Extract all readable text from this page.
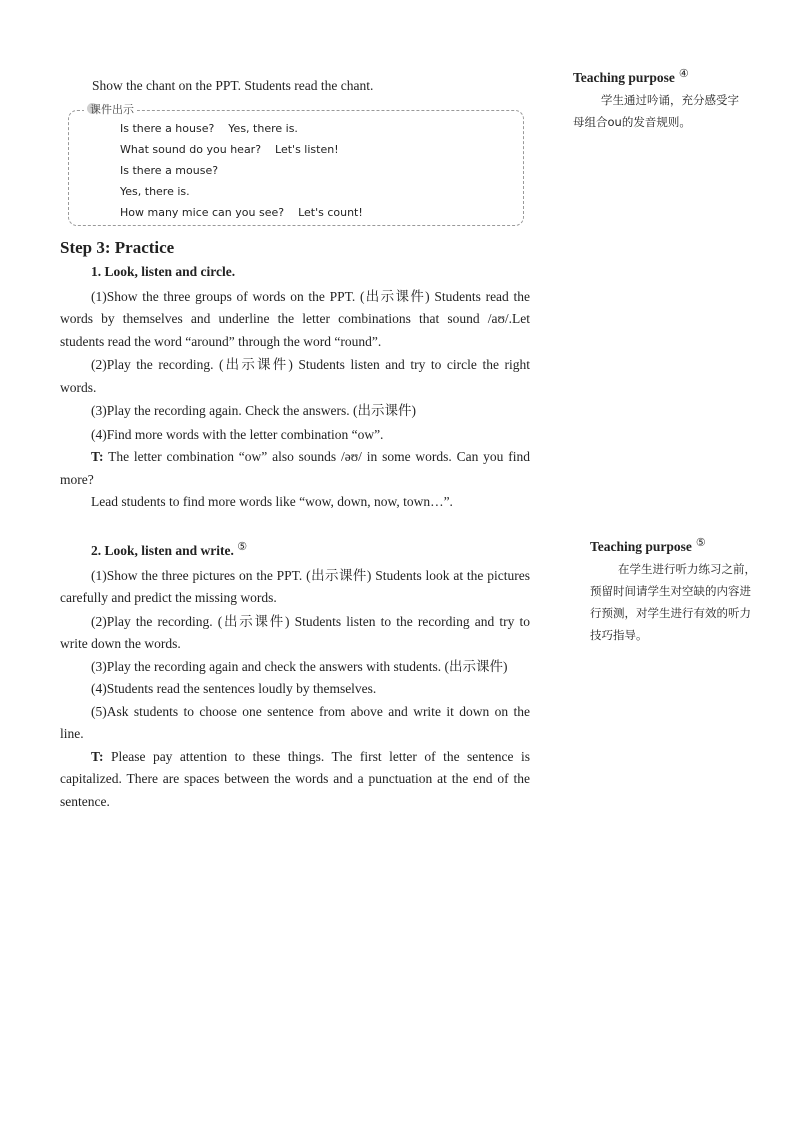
Show the chant on the PPT. Students read the chant.
课件出示
Is there a house?    Yes, there is.
What sound do you hear?    Let's listen!
Is there a mouse?
Yes, there is.
How many mice can you see?    Let's count!
Step 3: Practice

1. Look, listen and circle.

(1)Show the three groups of words on the PPT. (出示课件) Students read the words by themselves and underline the letter combinations that sound /aʊ/.Let students read the word “around” through the word “round”.

(2)Play the recording. (出示课件) Students listen and try to circle the right words.

(3)Play the recording again. Check the answers. (出示课件)

(4)Find more words with the letter combination “ow”.

T: The letter combination “ow” also sounds /əʊ/ in some words. Can you find more?

Lead students to find more words like “wow, down, now, town…”.

2. Look, listen and write. ⑤

(1)Show the three pictures on the PPT. (出示课件) Students look at the pictures carefully and predict the missing words.

(2)Play the recording. (出示课件) Students listen to the recording and try to write down the words.

(3)Play the recording again and check the answers with students. (出示课件)

(4)Students read the sentences loudly by themselves.

(5)Ask students to choose one sentence from above and write it down on the line.

T: Please pay attention to these things. The first letter of the sentence is capitalized. There are spaces between the words and a punctuation at the end of the sentence.

Teaching purpose ④
学生通过吟诵，充分感受字母组合ou的发音规则。
Teaching purpose ⑤
在学生进行听力练习之前，预留时间请学生对空缺的内容进行预测，对学生进行有效的听力技巧指导。
